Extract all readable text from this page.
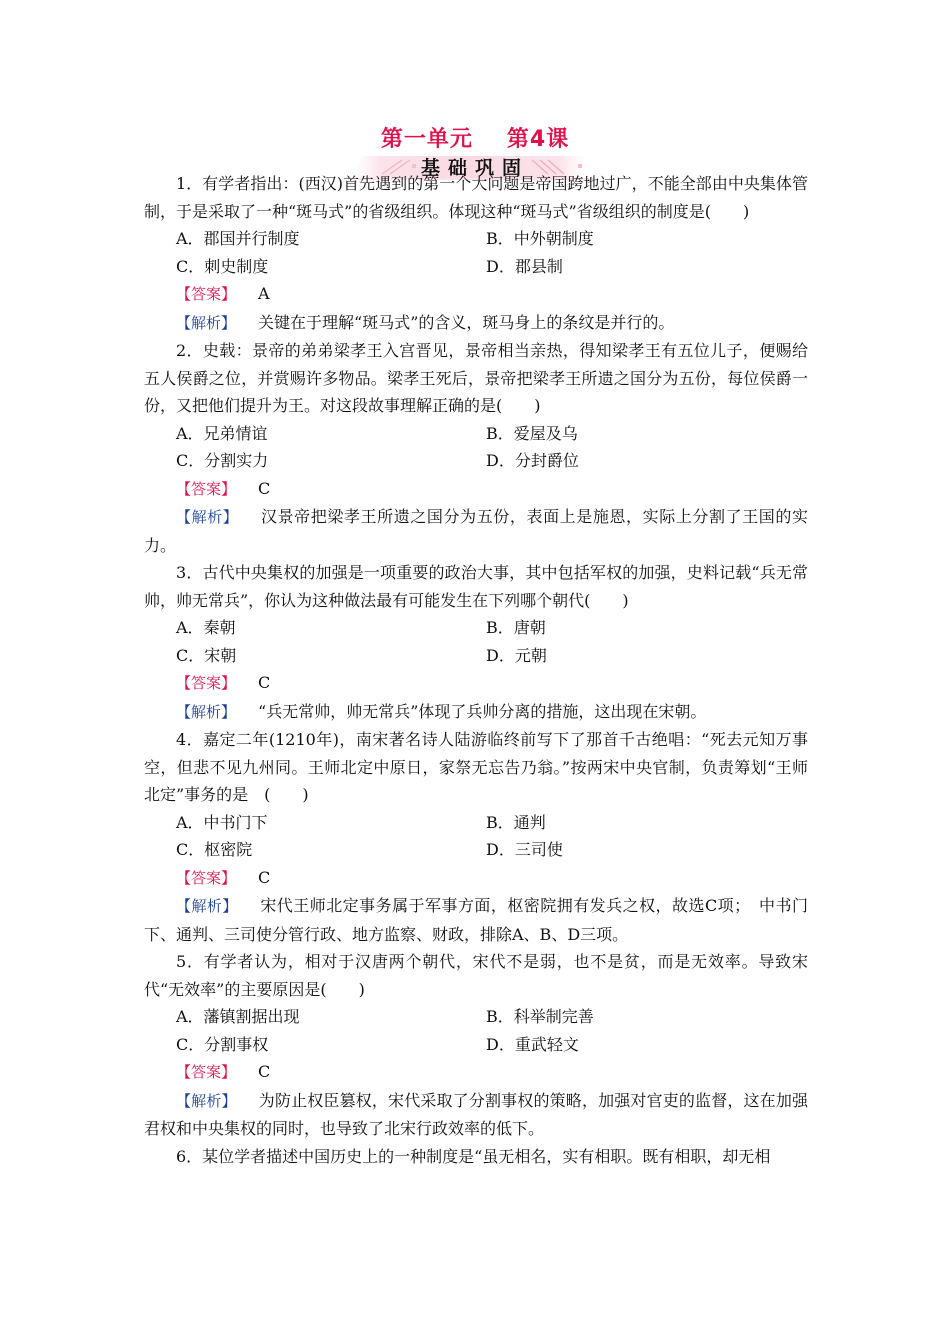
第一单元 第4课
基础巩固

1．有学者指出：(西汉)首先遇到的第一个大问题是帝国跨地过广，不能全部由中央集体管制，于是采取了一种“斑马式”的省级组织。体现这种“斑马式”省级组织的制度是(　　)

A．郡国并行制度	B．中外朝制度
C．刺史制度	D．郡县制

【答案】 A

【解析】 关键在于理解“斑马式”的含义，斑马身上的条纹是并行的。

2．史载：景帝的弟弟梁孝王入宫晋见，景帝相当亲热，得知梁孝王有五位儿子，便赐给五人侯爵之位，并赏赐许多物品。梁孝王死后，景帝把梁孝王所遗之国分为五份，每位侯爵一份，又把他们提升为王。对这段故事理解正确的是(　　)

A．兄弟情谊	B．爱屋及乌
C．分割实力	D．分封爵位

【答案】 C

【解析】 汉景帝把梁孝王所遗之国分为五份，表面上是施恩，实际上分割了王国的实力。

3．古代中央集权的加强是一项重要的政治大事，其中包括军权的加强，史料记载“兵无常帅，帅无常兵”，你认为这种做法最有可能发生在下列哪个朝代(　　)

A．秦朝	B．唐朝
C．宋朝	D．元朝

【答案】 C

【解析】 “兵无常帅，帅无常兵”体现了兵帅分离的措施，这出现在宋朝。

4．嘉定二年(1210年)，南宋著名诗人陆游临终前写下了那首千古绝唱：“死去元知万事空，但悲不见九州同。王师北定中原日，家祭无忘告乃翁。”按两宋中央官制，负责筹划“王师北定”事务的是　(　　)

A．中书门下	B．通判
C．枢密院	D．三司使

【答案】 C

【解析】 宋代王师北定事务属于军事方面，枢密院拥有发兵之权，故选C项；　中书门下、通判、三司使分管行政、地方监察、财政，排除A、B、D三项。

5．有学者认为，相对于汉唐两个朝代，宋代不是弱，也不是贫，而是无效率。导致宋代“无效率”的主要原因是(　　)

A．藩镇割据出现	B．科举制完善
C．分割事权	D．重武轻文

【答案】 C

【解析】 为防止权臣篡权，宋代采取了分割事权的策略，加强对官吏的监督，这在加强君权和中央集权的同时，也导致了北宋行政效率的低下。

6．某位学者描述中国历史上的一种制度是“虽无相名，实有相职。既有相职，却无相
